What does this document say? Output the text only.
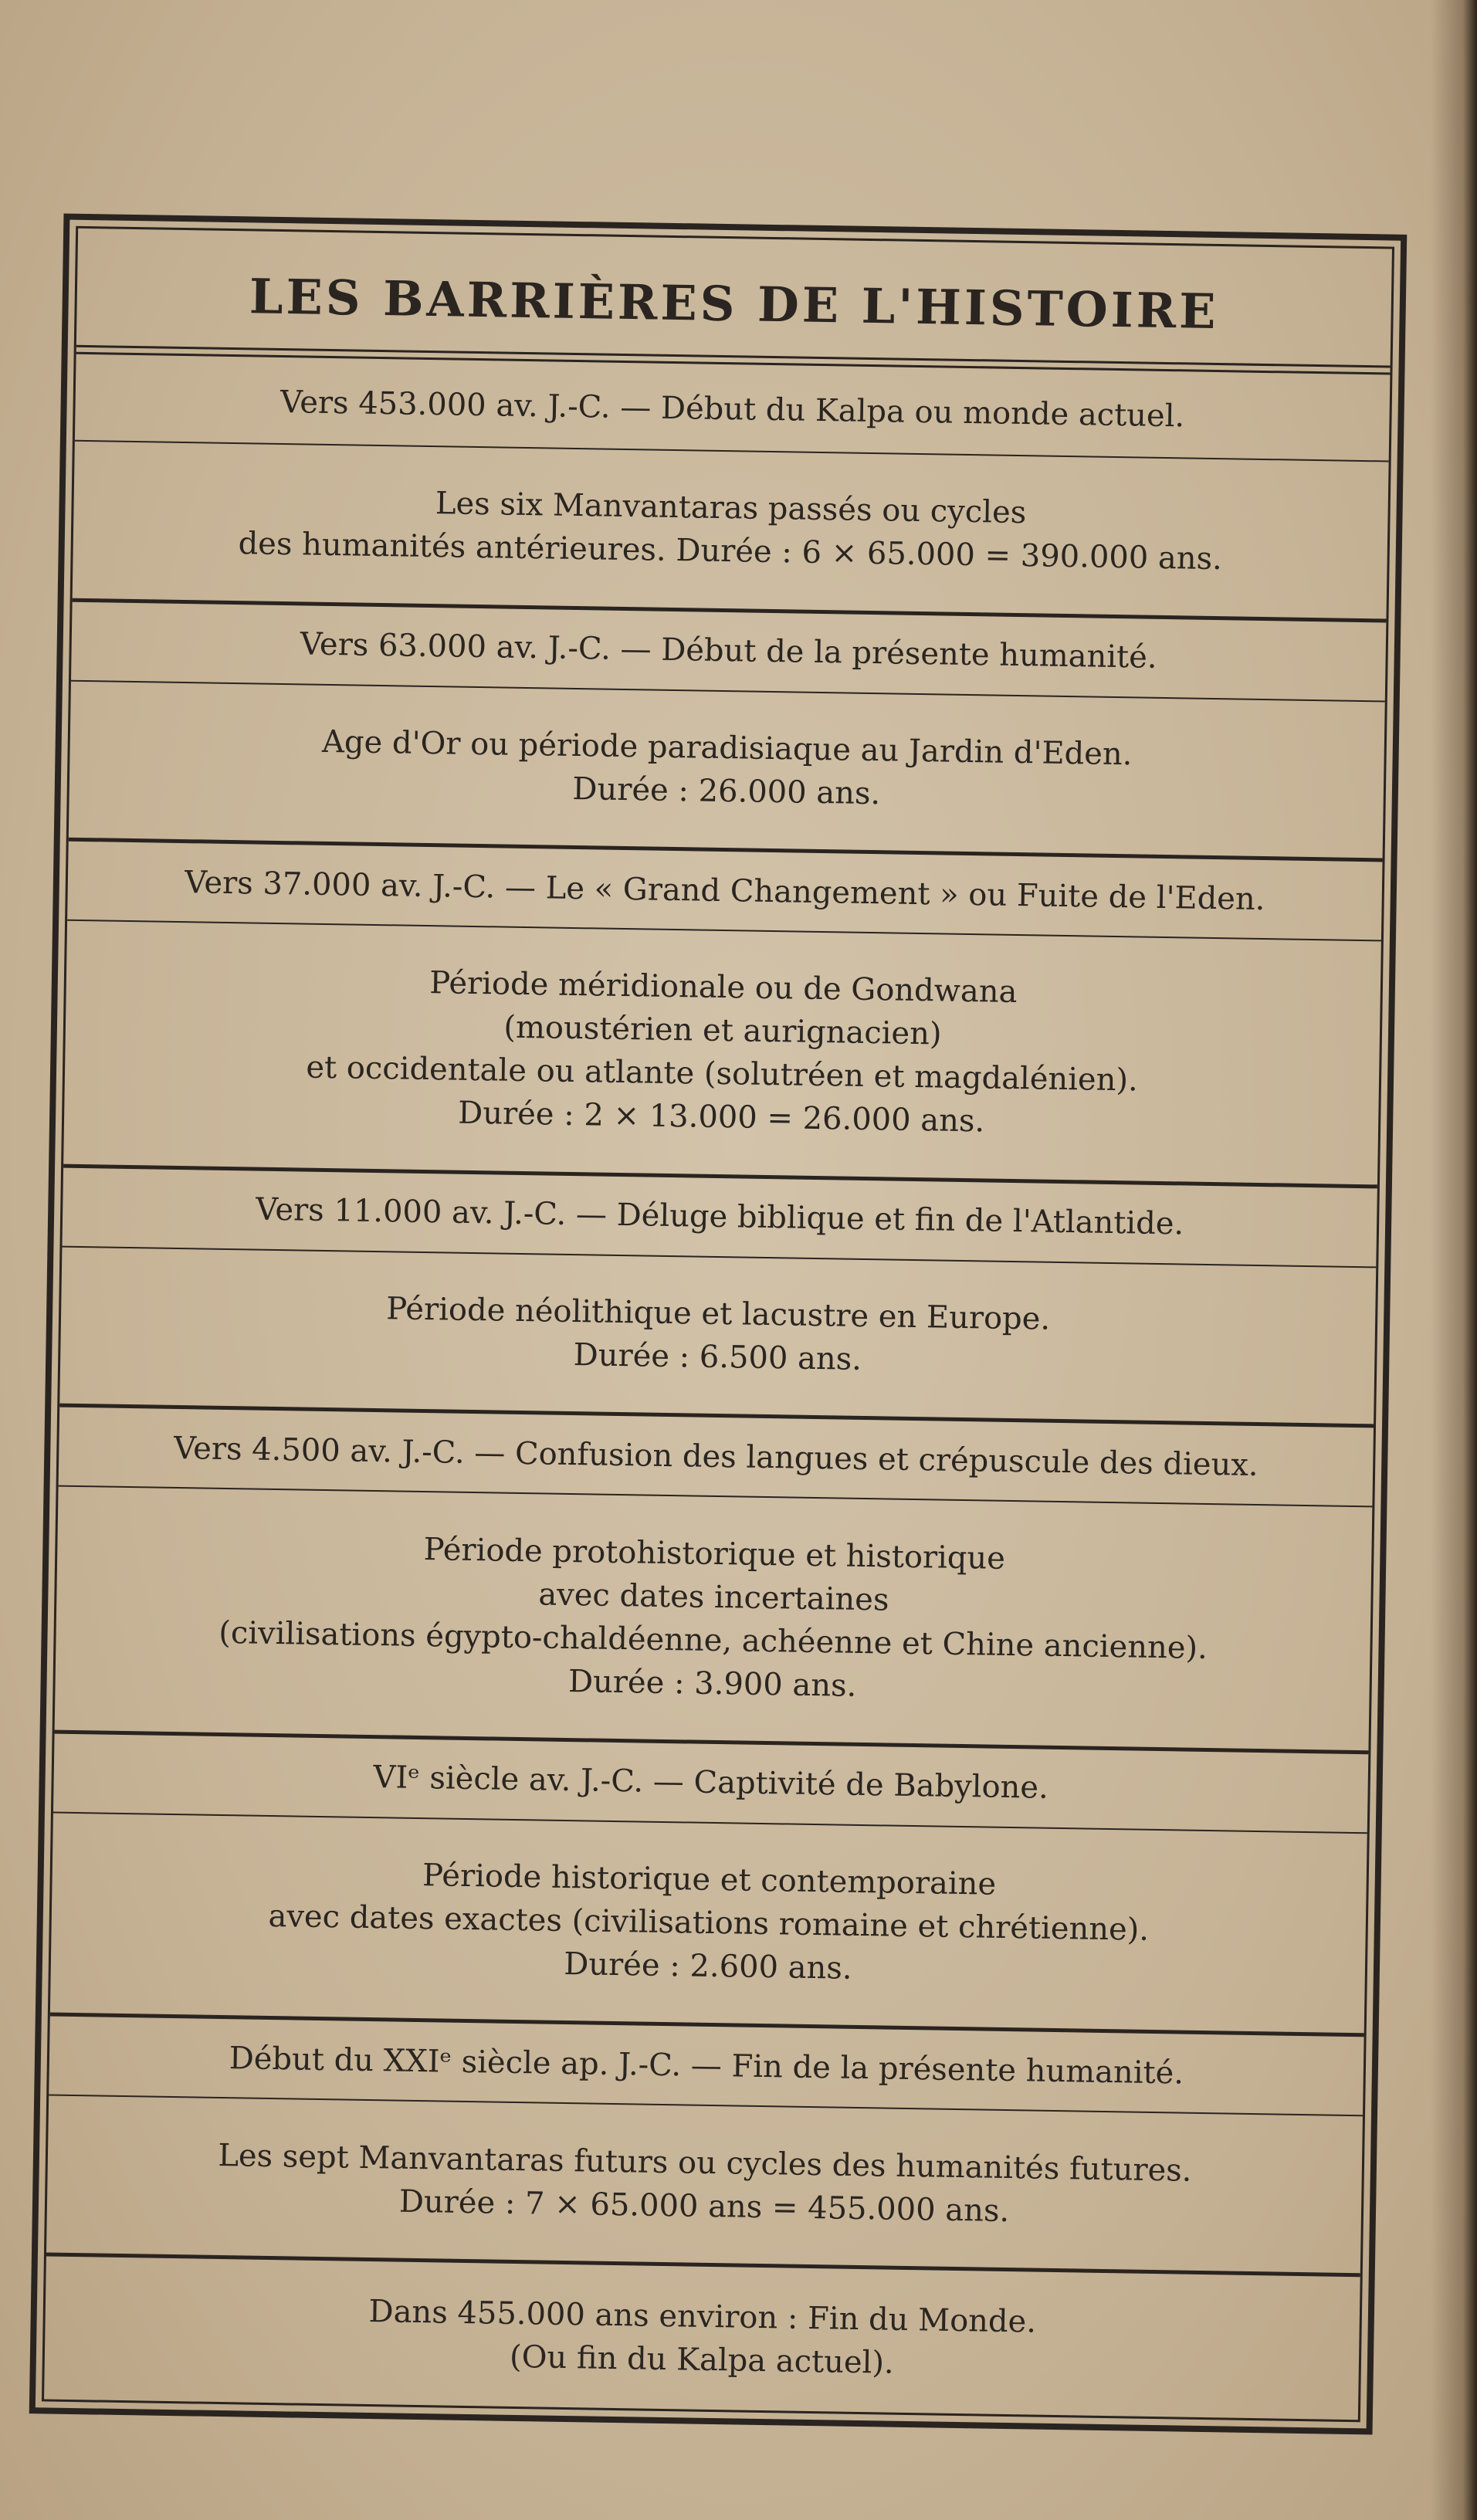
LES BARRIÈRES DE L'HISTOIRE
Vers 453.000 av. J.-C. — Début du Kalpa ou monde actuel.
Les six Manvantaras passés ou cycles
des humanités antérieures. Durée : 6 × 65.000 = 390.000 ans.
Vers 63.000 av. J.-C. — Début de la présente humanité.
Age d'Or ou période paradisiaque au Jardin d'Eden.
Durée : 26.000 ans.
Vers 37.000 av. J.-C. — Le « Grand Changement » ou Fuite de l'Eden.
Période méridionale ou de Gondwana
(moustérien et aurignacien)
et occidentale ou atlante (solutréen et magdalénien).
Durée : 2 × 13.000 = 26.000 ans.
Vers 11.000 av. J.-C. — Déluge biblique et fin de l'Atlantide.
Période néolithique et lacustre en Europe.
Durée : 6.500 ans.
Vers 4.500 av. J.-C. — Confusion des langues et crépuscule des dieux.
Période protohistorique et historique
avec dates incertaines
(civilisations égypto-chaldéenne, achéenne et Chine ancienne).
Durée : 3.900 ans.
VIᵉ siècle av. J.-C. — Captivité de Babylone.
Période historique et contemporaine
avec dates exactes (civilisations romaine et chrétienne).
Durée : 2.600 ans.
Début du XXIᵉ siècle ap. J.-C. — Fin de la présente humanité.
Les sept Manvantaras futurs ou cycles des humanités futures.
Durée : 7 × 65.000 ans = 455.000 ans.
Dans 455.000 ans environ : Fin du Monde.
(Ou fin du Kalpa actuel).
